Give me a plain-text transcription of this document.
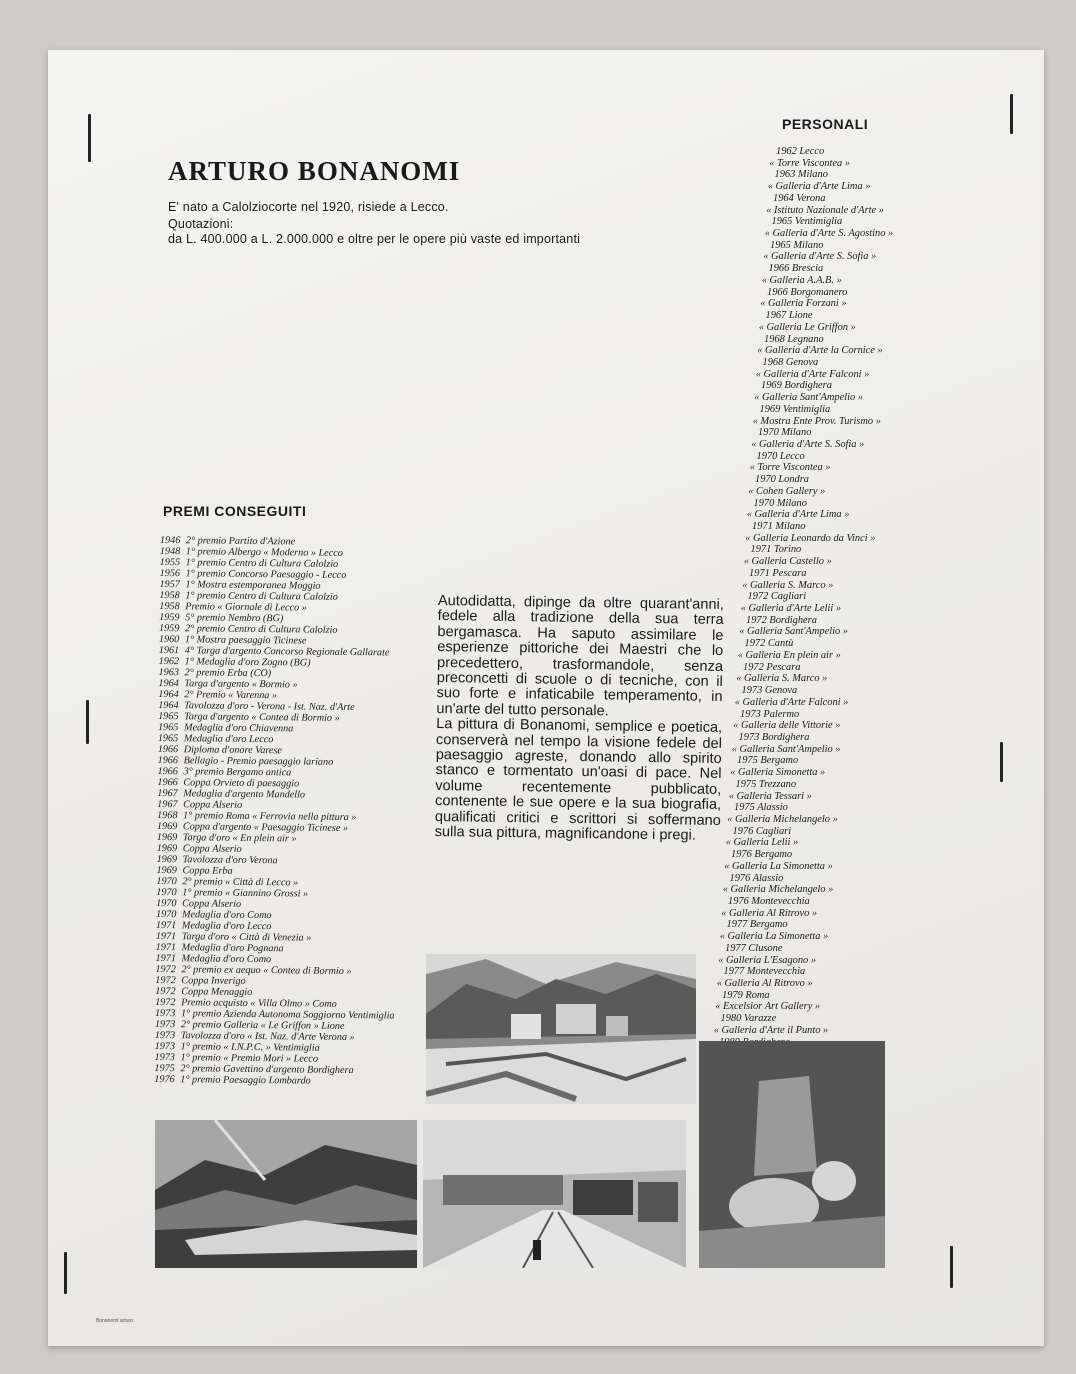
ARTURO BONANOMI
E' nato a Calolziocorte nel 1920, risiede a Lecco.
Quotazioni:
da L. 400.000 a L. 2.000.000 e oltre per le opere più vaste ed importanti
PERSONALI
1962 Lecco
« Torre Viscontea »
1963 Milano
« Galleria d'Arte Lima »
1964 Verona
« Istituto Nazionale d'Arte »
1965 Ventimiglia
« Galleria d'Arte S. Agostino »
1965 Milano
« Galleria d'Arte S. Sofia »
1966 Brescia
« Galleria A.A.B. »
1966 Borgomanero
« Galleria Forzani »
1967 Lione
« Galleria Le Griffon »
1968 Legnano
« Galleria d'Arte la Cornice »
1968 Genova
« Galleria d'Arte Falconi »
1969 Bordighera
« Galleria Sant'Ampelio »
1969 Ventimiglia
« Mostra Ente Prov. Turismo »
1970 Milano
« Galleria d'Arte S. Sofia »
1970 Lecco
« Torre Viscontea »
1970 Londra
« Cohen Gallery »
1970 Milano
« Galleria d'Arte Lima »
1971 Milano
« Galleria Leonardo da Vinci »
1971 Torino
« Galleria Castello »
1971 Pescara
« Galleria S. Marco »
1972 Cagliari
« Galleria d'Arte Lelii »
1972 Bordighera
« Galleria Sant'Ampelio »
1972 Cantù
« Galleria En plein air »
1972 Pescara
« Galleria S. Marco »
1973 Genova
« Galleria d'Arte Falconi »
1973 Palermo
« Galleria delle Vittorie »
1973 Bordighera
« Galleria Sant'Ampelio »
1975 Bergamo
« Galleria Simonetta »
1975 Trezzano
« Galleria Tessari »
1975 Alassio
« Galleria Michelangelo »
1976 Cagliari
« Galleria Lelii »
1976 Bergamo
« Galleria La Simonetta »
1976 Alassio
« Galleria Michelangelo »
1976 Montevecchia
« Galleria Al Ritrovo »
1977 Bergamo
« Galleria La Simonetta »
1977 Clusone
« Galleria L'Esagono »
1977 Montevecchia
« Galleria Al Ritrovo »
1979 Roma
« Excelsior Art Gallery »
1980 Varazze
« Galleria d'Arte il Punto »
PREMI CONSEGUITI
1946 2° premio Partito d'Azione
1948 1° premio Albergo « Moderno » Lecco
1955 1° premio Centro di Cultura Calolzio
1956 1° premio Concorso Paesaggio - Lecco
1957 1° Mostra estemporanea Moggio
1958 1° premio Centro di Cultura Calolzio
1958 Premio « Giornale di Lecco »
1959 5° premio Nembro (BG)
1959 2° premio Centro di Cultura Calolzio
1960 1° Mostra paesaggio Ticinese
1961 4° Targa d'argento Concorso Regionale Gallarate
1962 1° Medaglia d'oro Zogno (BG)
1963 2° premio Erba (CO)
1964 Targa d'argento « Bormio »
1964 2° Premio « Varenna »
1964 Tavolozza d'oro - Verona - Ist. Naz. d'Arte
1965 Targa d'argento « Contea di Bormio »
1965 Medaglia d'oro Chiavenna
1965 Medaglia d'oro Lecco
1966 Diploma d'onore Varese
1966 Bellagio - Premio paesaggio lariano
1966 3° premio Bergamo antica
1966 Coppa Orvieto di paesaggio
1967 Medaglia d'argento Mandello
1967 Coppa Alserio
1968 1° premio Roma « Ferrovia nella pittura »
1969 Coppa d'argento « Paesaggio Ticinese »
1969 Targa d'oro « En plein air »
1969 Coppa Alserio
1969 Tavolozza d'oro Verona
1969 Coppa Erba
1970 2° premio « Città di Lecco »
1970 1° premio « Giannino Grossi »
1970 Coppa Alserio
1970 Medaglia d'oro Como
1971 Medaglia d'oro Lecco
1971 Targa d'oro « Città di Venezia »
1971 Medaglia d'oro Pognana
1971 Medaglia d'oro Como
1972 2° premio ex aequo « Contea di Bormio »
1972 Coppa Inverigo
1972 Coppa Menaggio
1972 Premio acquisto « Villa Olmo » Como
1973 1° premio Azienda Autonoma Soggiorno Ventimiglia
1973 2° premio Galleria « Le Griffon » Lione
1973 Tavolozza d'oro « Ist. Naz. d'Arte Verona »
1973 1° premio « I.N.P.C. » Ventimiglia
1973 1° premio « Premio Mori » Lecco
1975 2° premio Gavettino d'argento Bordighera
1976 1° premio Paesaggio Lombardo

Autodidatta, dipinge da oltre quarant'anni, fedele alla tradizione della sua terra bergamasca. Ha saputo assimilare le esperienze pittoriche dei Maestri che lo precedettero, trasformandole, senza preconcetti di scuole o di tecniche, con il suo forte e infaticabile temperamento, in un'arte del tutto personale.

La pittura di Bonanomi, semplice e poetica, conserverà nel tempo la visione fedele del paesaggio agreste, donando allo spirito stanco e tormentato un'oasi di pace. Nel volume recentemente pubblicato, contenente le sue opere e la sua biografia, qualificati critici e scrittori si soffermano sulla sua pittura, magnificandone i pregi.

Bonanomi arturo
